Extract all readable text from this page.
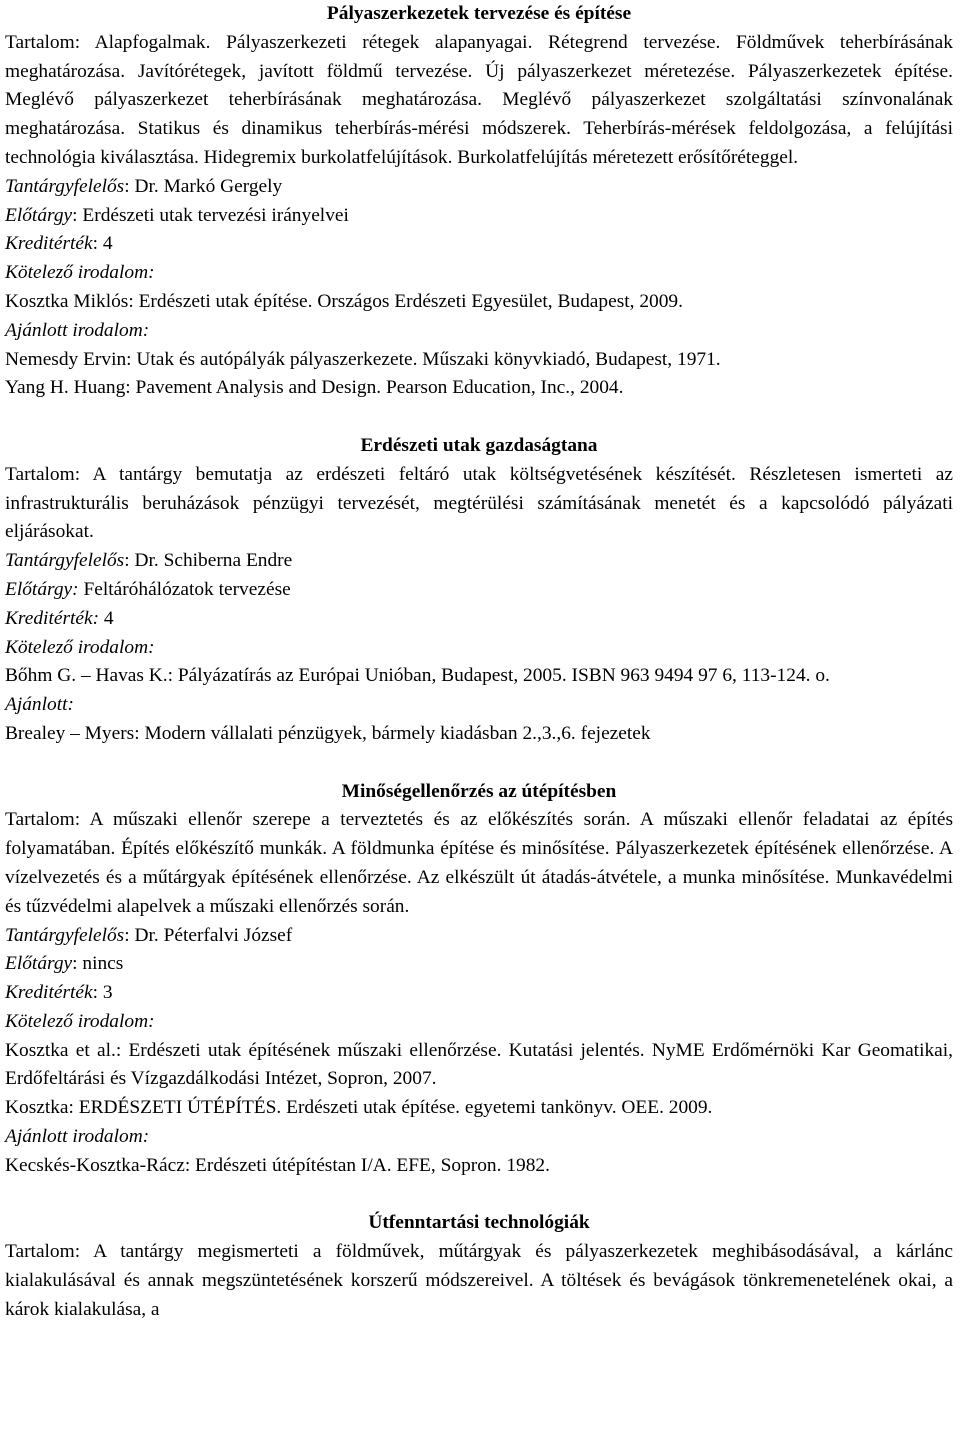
Pályaszerkezetek tervezése és építése

Tartalom: Alapfogalmak. Pályaszerkezeti rétegek alapanyagai. Rétegrend tervezése. Földművek teherbírásának meghatározása. Javítórétegek, javított földmű tervezése. Új pályaszerkezet méretezése. Pályaszerkezetek építése. Meglévő pályaszerkezet teherbírásának meghatározása. Meglévő pályaszerkezet szolgáltatási színvonalának meghatározása. Statikus és dinamikus teherbírás-mérési módszerek. Teherbírás-mérések feldolgozása, a felújítási technológia kiválasztása. Hidegremix burkolatfelújítások. Burkolatfelújítás méretezett erősítőréteggel.

Tantárgyfelelős: Dr. Markó Gergely

Előtárgy: Erdészeti utak tervezési irányelvei

Kreditérték: 4

Kötelező irodalom:

Kosztka Miklós: Erdészeti utak építése. Országos Erdészeti Egyesület, Budapest, 2009.

Ajánlott irodalom:

Nemesdy Ervin: Utak és autópályák pályaszerkezete. Műszaki könyvkiadó, Budapest, 1971.

Yang H. Huang: Pavement Analysis and Design. Pearson Education, Inc., 2004.

Erdészeti utak gazdaságtana

Tartalom: A tantárgy bemutatja az erdészeti feltáró utak költségvetésének készítését. Részletesen ismerteti az infrastrukturális beruházások pénzügyi tervezését, megtérülési számításának menetét és a kapcsolódó pályázati eljárásokat.

Tantárgyfelelős: Dr. Schiberna Endre

Előtárgy: Feltáróhálózatok tervezése

Kreditérték: 4

Kötelező irodalom:

Bőhm G. – Havas K.: Pályázatírás az Európai Unióban, Budapest, 2005. ISBN 963 9494 97 6, 113-124. o.

Ajánlott:

Brealey – Myers: Modern vállalati pénzügyek, bármely kiadásban 2.,3.,6. fejezetek

Minőségellenőrzés az útépítésben

Tartalom: A műszaki ellenőr szerepe a terveztetés és az előkészítés során. A műszaki ellenőr feladatai az építés folyamatában. Építés előkészítő munkák. A földmunka építése és minősítése. Pályaszerkezetek építésének ellenőrzése. A vízelvezetés és a műtárgyak építésének ellenőrzése. Az elkészült út átadás-átvétele, a munka minősítése. Munkavédelmi és tűzvédelmi alapelvek a műszaki ellenőrzés során.

Tantárgyfelelős: Dr. Péterfalvi József

Előtárgy: nincs

Kreditérték: 3

Kötelező irodalom:

Kosztka et al.: Erdészeti utak építésének műszaki ellenőrzése. Kutatási jelentés. NyME Erdőmérnöki Kar Geomatikai, Erdőfeltárási és Vízgazdálkodási Intézet, Sopron, 2007.

Kosztka: ERDÉSZETI ÚTÉPÍTÉS. Erdészeti utak építése. egyetemi tankönyv. OEE. 2009.

Ajánlott irodalom:

Kecskés-Kosztka-Rácz: Erdészeti útépítéstan I/A. EFE, Sopron. 1982.

Útfenntartási technológiák

Tartalom: A tantárgy megismerteti a földművek, műtárgyak és pályaszerkezetek meghibásodásával, a kárlánc kialakulásával és annak megszüntetésének korszerű módszereivel. A töltések és bevágások tönkremenetelének okai, a károk kialakulása, a
